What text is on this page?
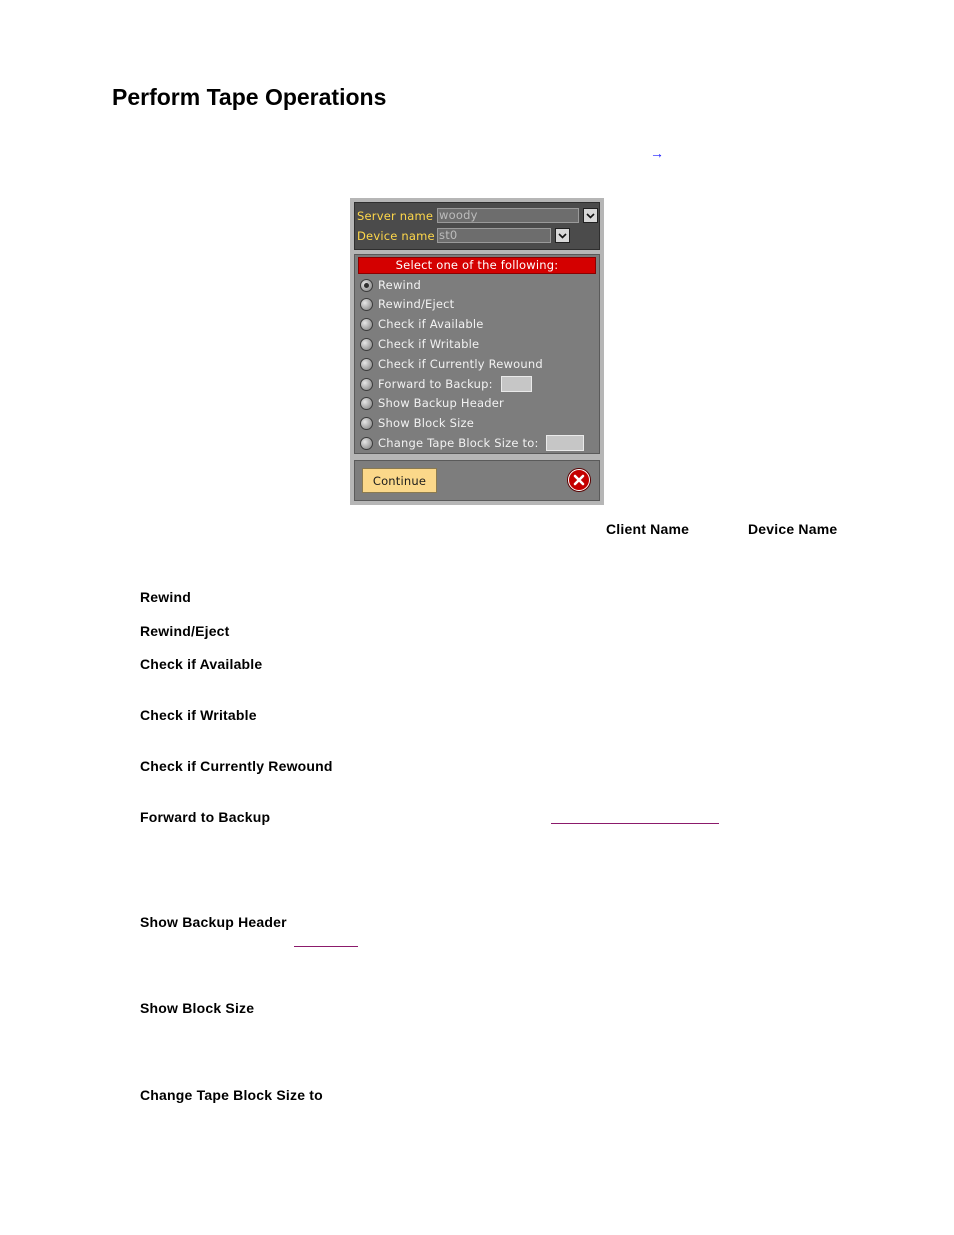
Perform Tape Operations
→
Server name woody
Device name st0
Select one of the following:
Rewind
Rewind/Eject
Check if Available
Check if Writable
Check if Currently Rewound
Forward to Backup:
Show Backup Header
Show Block Size
Change Tape Block Size to:
Continue
Client Name	Device Name
Rewind
Rewind/Eject
Check if Available
Check if Writable
Check if Currently Rewound
Forward to Backup
Show Backup Header
Show Block Size
Change Tape Block Size to
